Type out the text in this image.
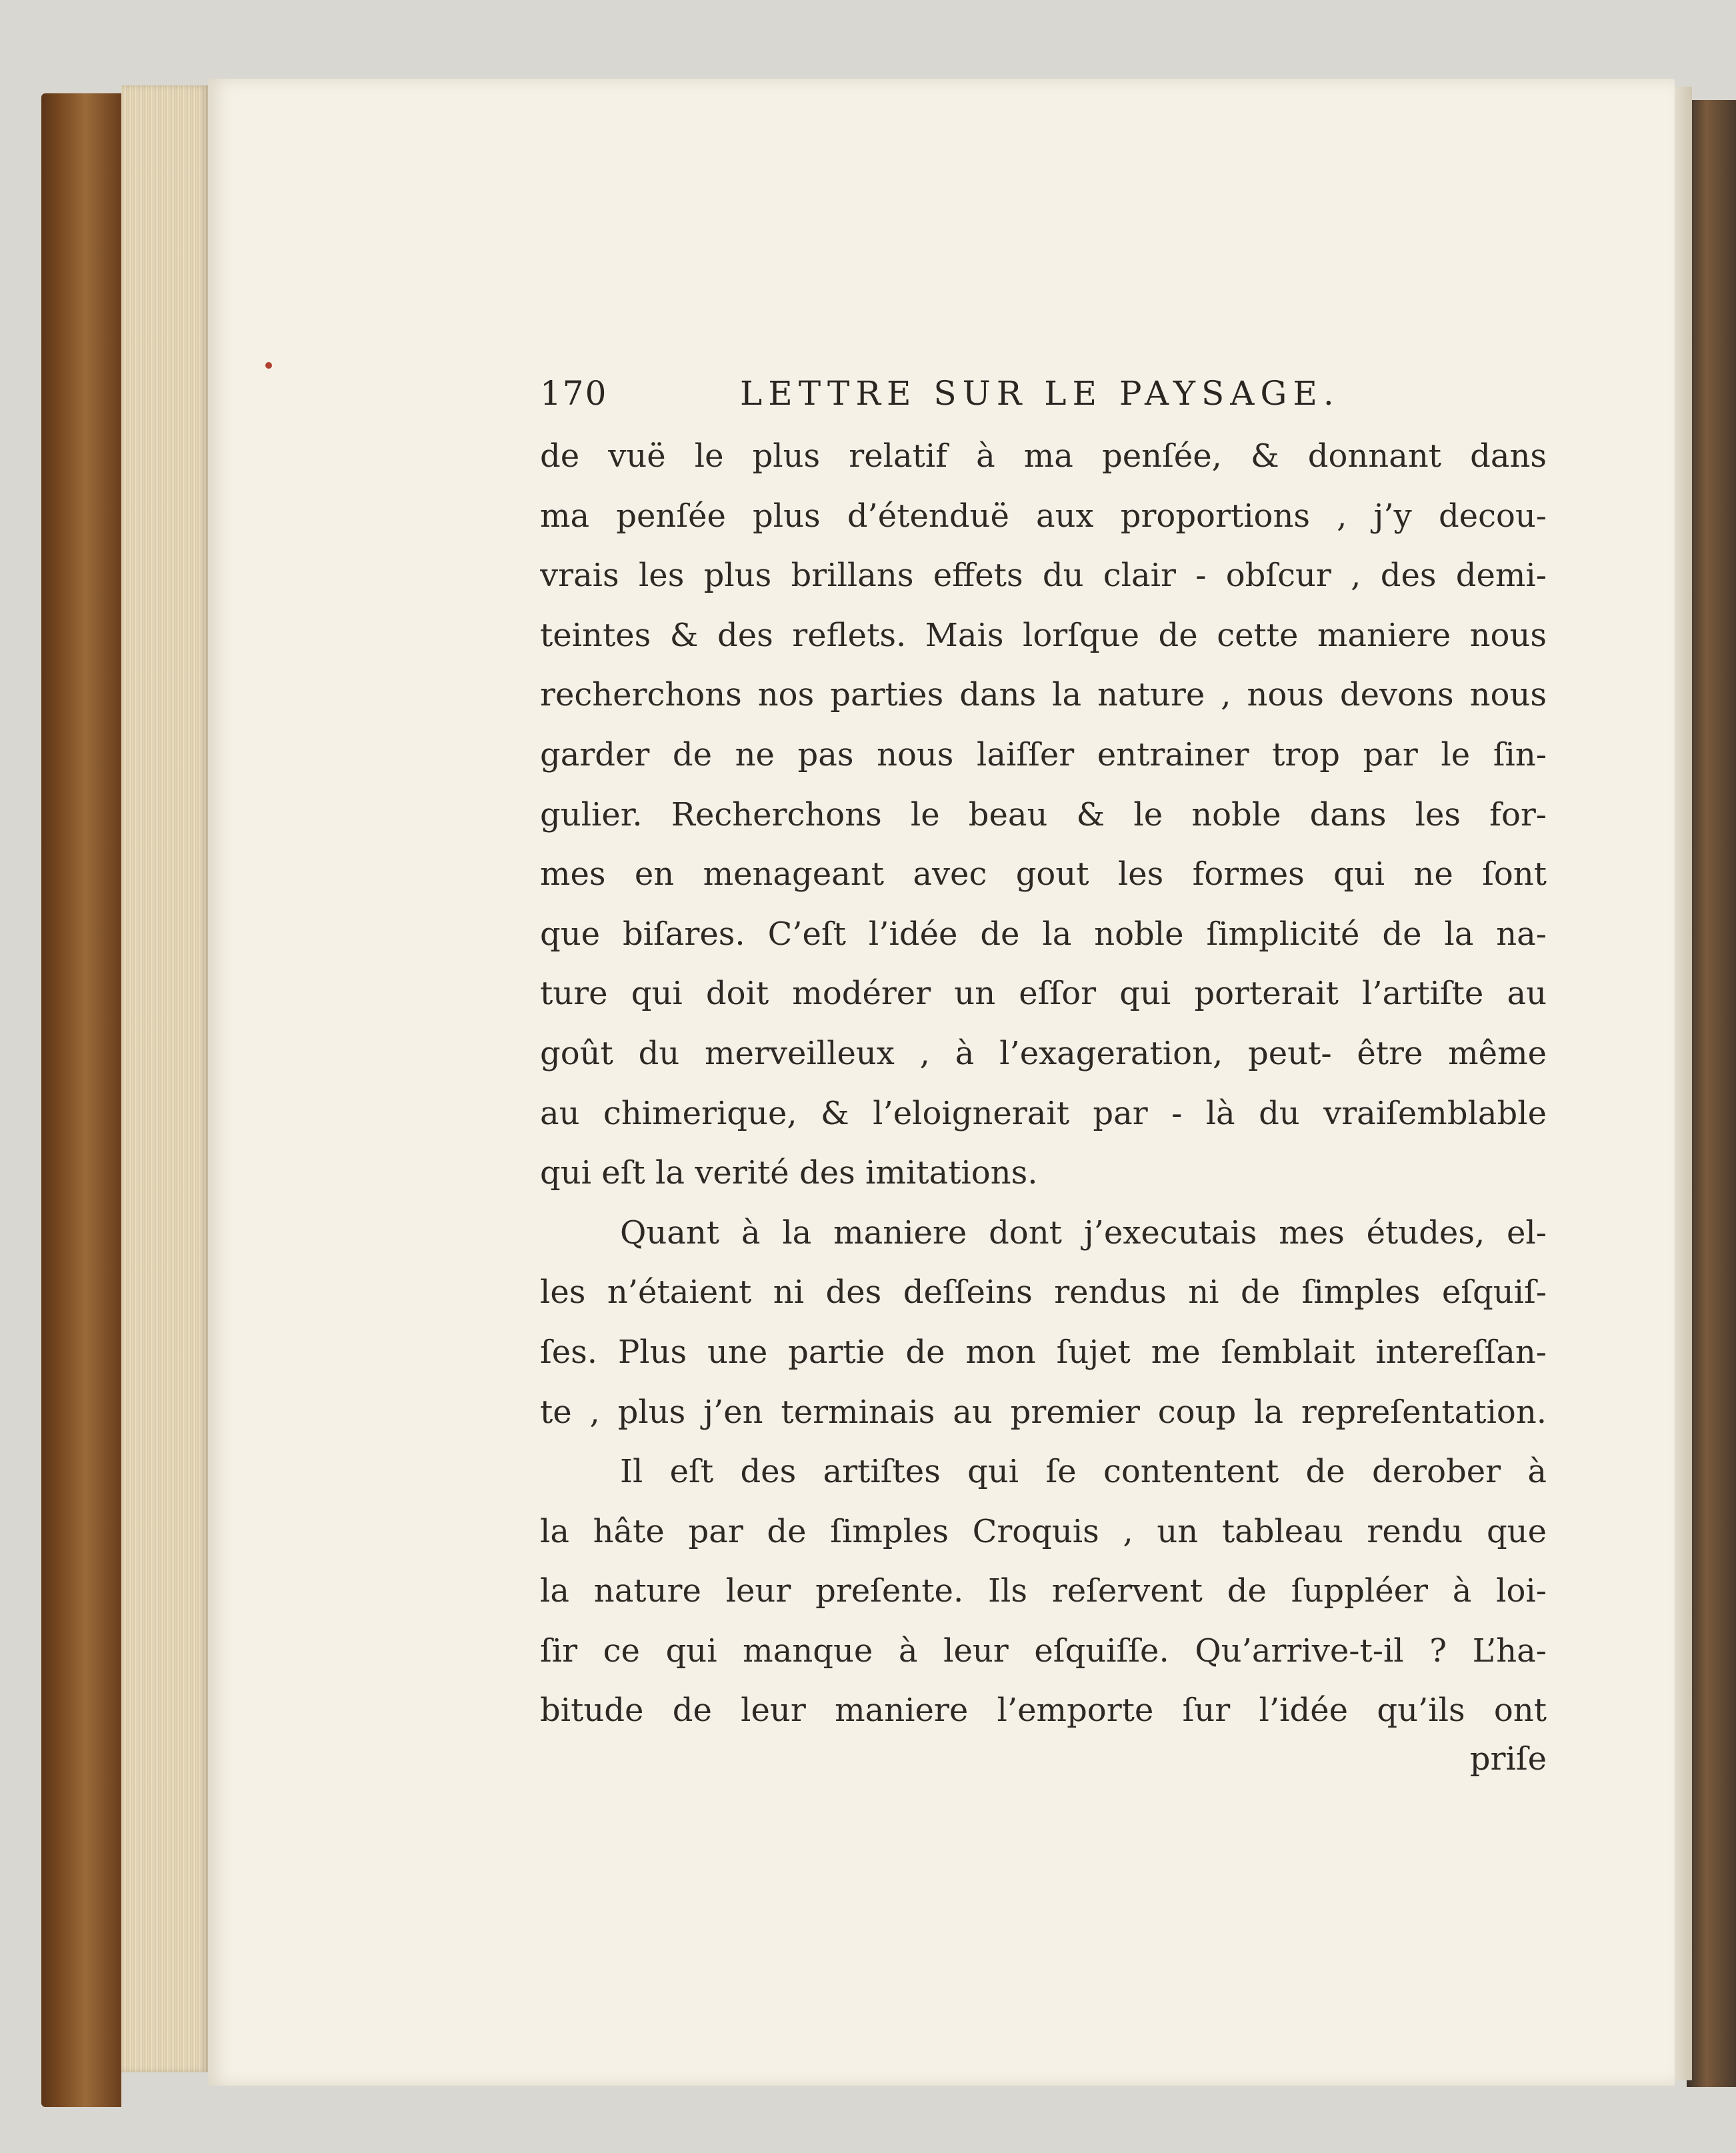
170	LETTRE SUR LE PAYSAGE.
de vuë le plus relatif à ma penſée, & donnant dans
ma penſée plus d’étenduë aux proportions , j’y decou-
vrais les plus brillans effets du clair - obſcur , des demi-
teintes & des reflets. Mais lorſque de cette maniere nous
recherchons nos parties dans la nature , nous devons nous
garder de ne pas nous laiſſer entrainer trop par le ſin-
gulier. Recherchons le beau & le noble dans les for-
mes en menageant avec gout les formes qui ne ſont
que biſares. C’eſt l’idée de la noble ſimplicité de la na-
ture qui doit modérer un eſſor qui porterait l’artiſte au
goût du merveilleux , à l’exageration, peut- être même
au chimerique, & l’eloignerait par - là du vraiſemblable
qui eſt la verité des imitations.
Quant à la maniere dont j’executais mes études, el-
les n’étaient ni des deſſeins rendus ni de ſimples eſquiſ-
ſes. Plus une partie de mon ſujet me ſemblait intereſſan-
te , plus j’en terminais au premier coup la repreſentation.
Il eſt des artiſtes qui ſe contentent de derober à
la hâte par de ſimples Croquis , un tableau rendu que
la nature leur preſente. Ils reſervent de ſuppléer à loi-
ſir ce qui manque à leur eſquiſſe. Qu’arrive-t-il ? L’ha-
bitude de leur maniere l’emporte ſur l’idée qu’ils ont
priſe
